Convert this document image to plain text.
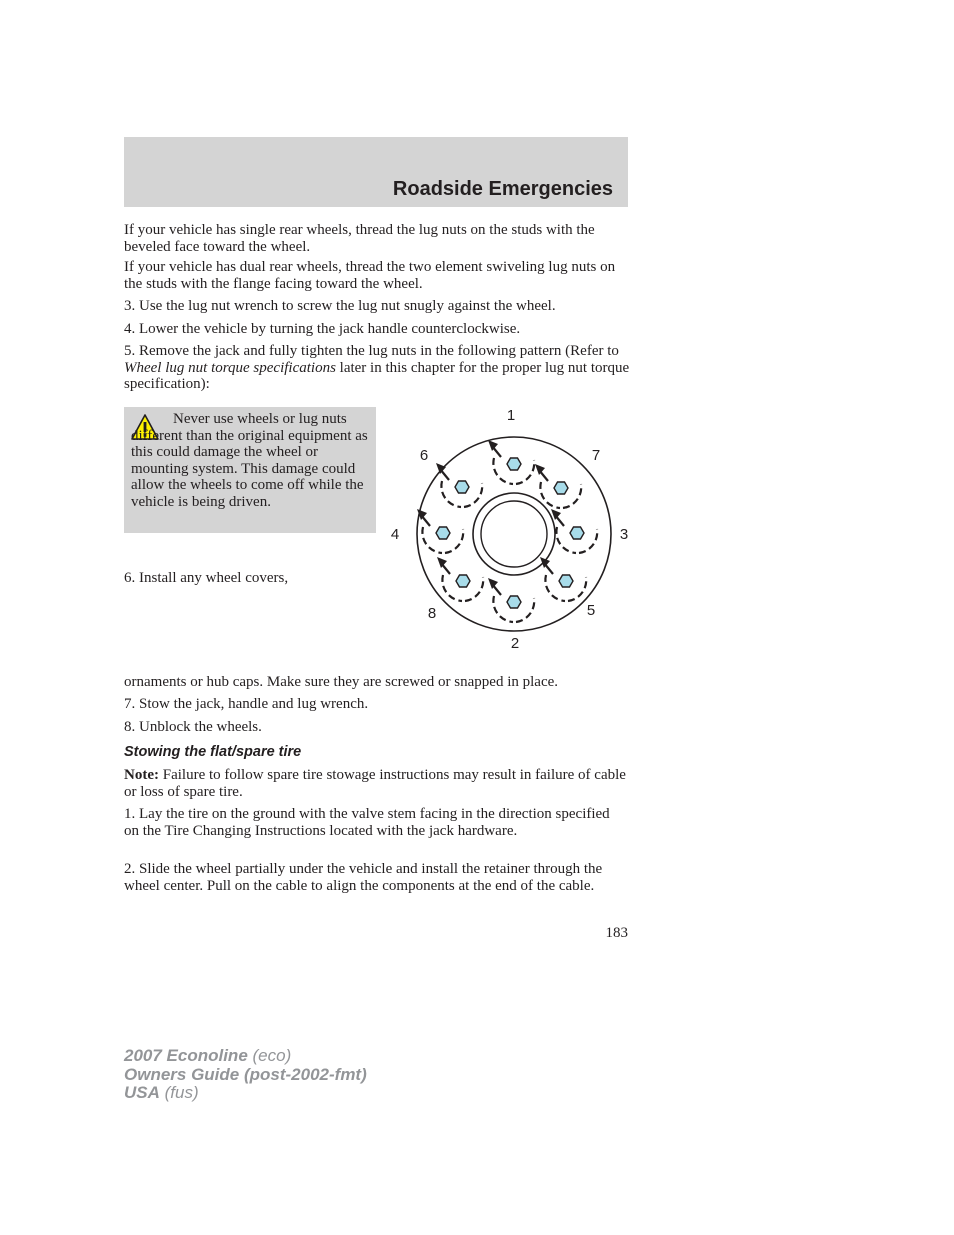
Roadside Emergencies

If your vehicle has single rear wheels, thread the lug nuts on the studs with the beveled face toward the wheel.

If your vehicle has dual rear wheels, thread the two element swiveling lug nuts on the studs with the flange facing toward the wheel.

3. Use the lug nut wrench to screw the lug nut snugly against the wheel.

4. Lower the vehicle by turning the jack handle counterclockwise.

5. Remove the jack and fully tighten the lug nuts in the following pattern (Refer to Wheel lug nut torque specifications later in this chapter for the proper lug nut torque specification):

Never use wheels or lug nuts different than the original equipment as this could damage the wheel or mounting system. This damage could allow the wheels to come off while the vehicle is being driven.

6. Install any wheel covers,

1
2
3
4
5
6	7
8

ornaments or hub caps. Make sure they are screwed or snapped in place.

7. Stow the jack, handle and lug wrench.

8. Unblock the wheels.

Stowing the flat/spare tire

Note: Failure to follow spare tire stowage instructions may result in failure of cable or loss of spare tire.

1. Lay the tire on the ground with the valve stem facing in the direction specified on the Tire Changing Instructions located with the jack hardware.

2. Slide the wheel partially under the vehicle and install the retainer through the wheel center. Pull on the cable to align the components at the end of the cable.

183

2007 Econoline (eco)
Owners Guide (post-2002-fmt)
USA (fus)
